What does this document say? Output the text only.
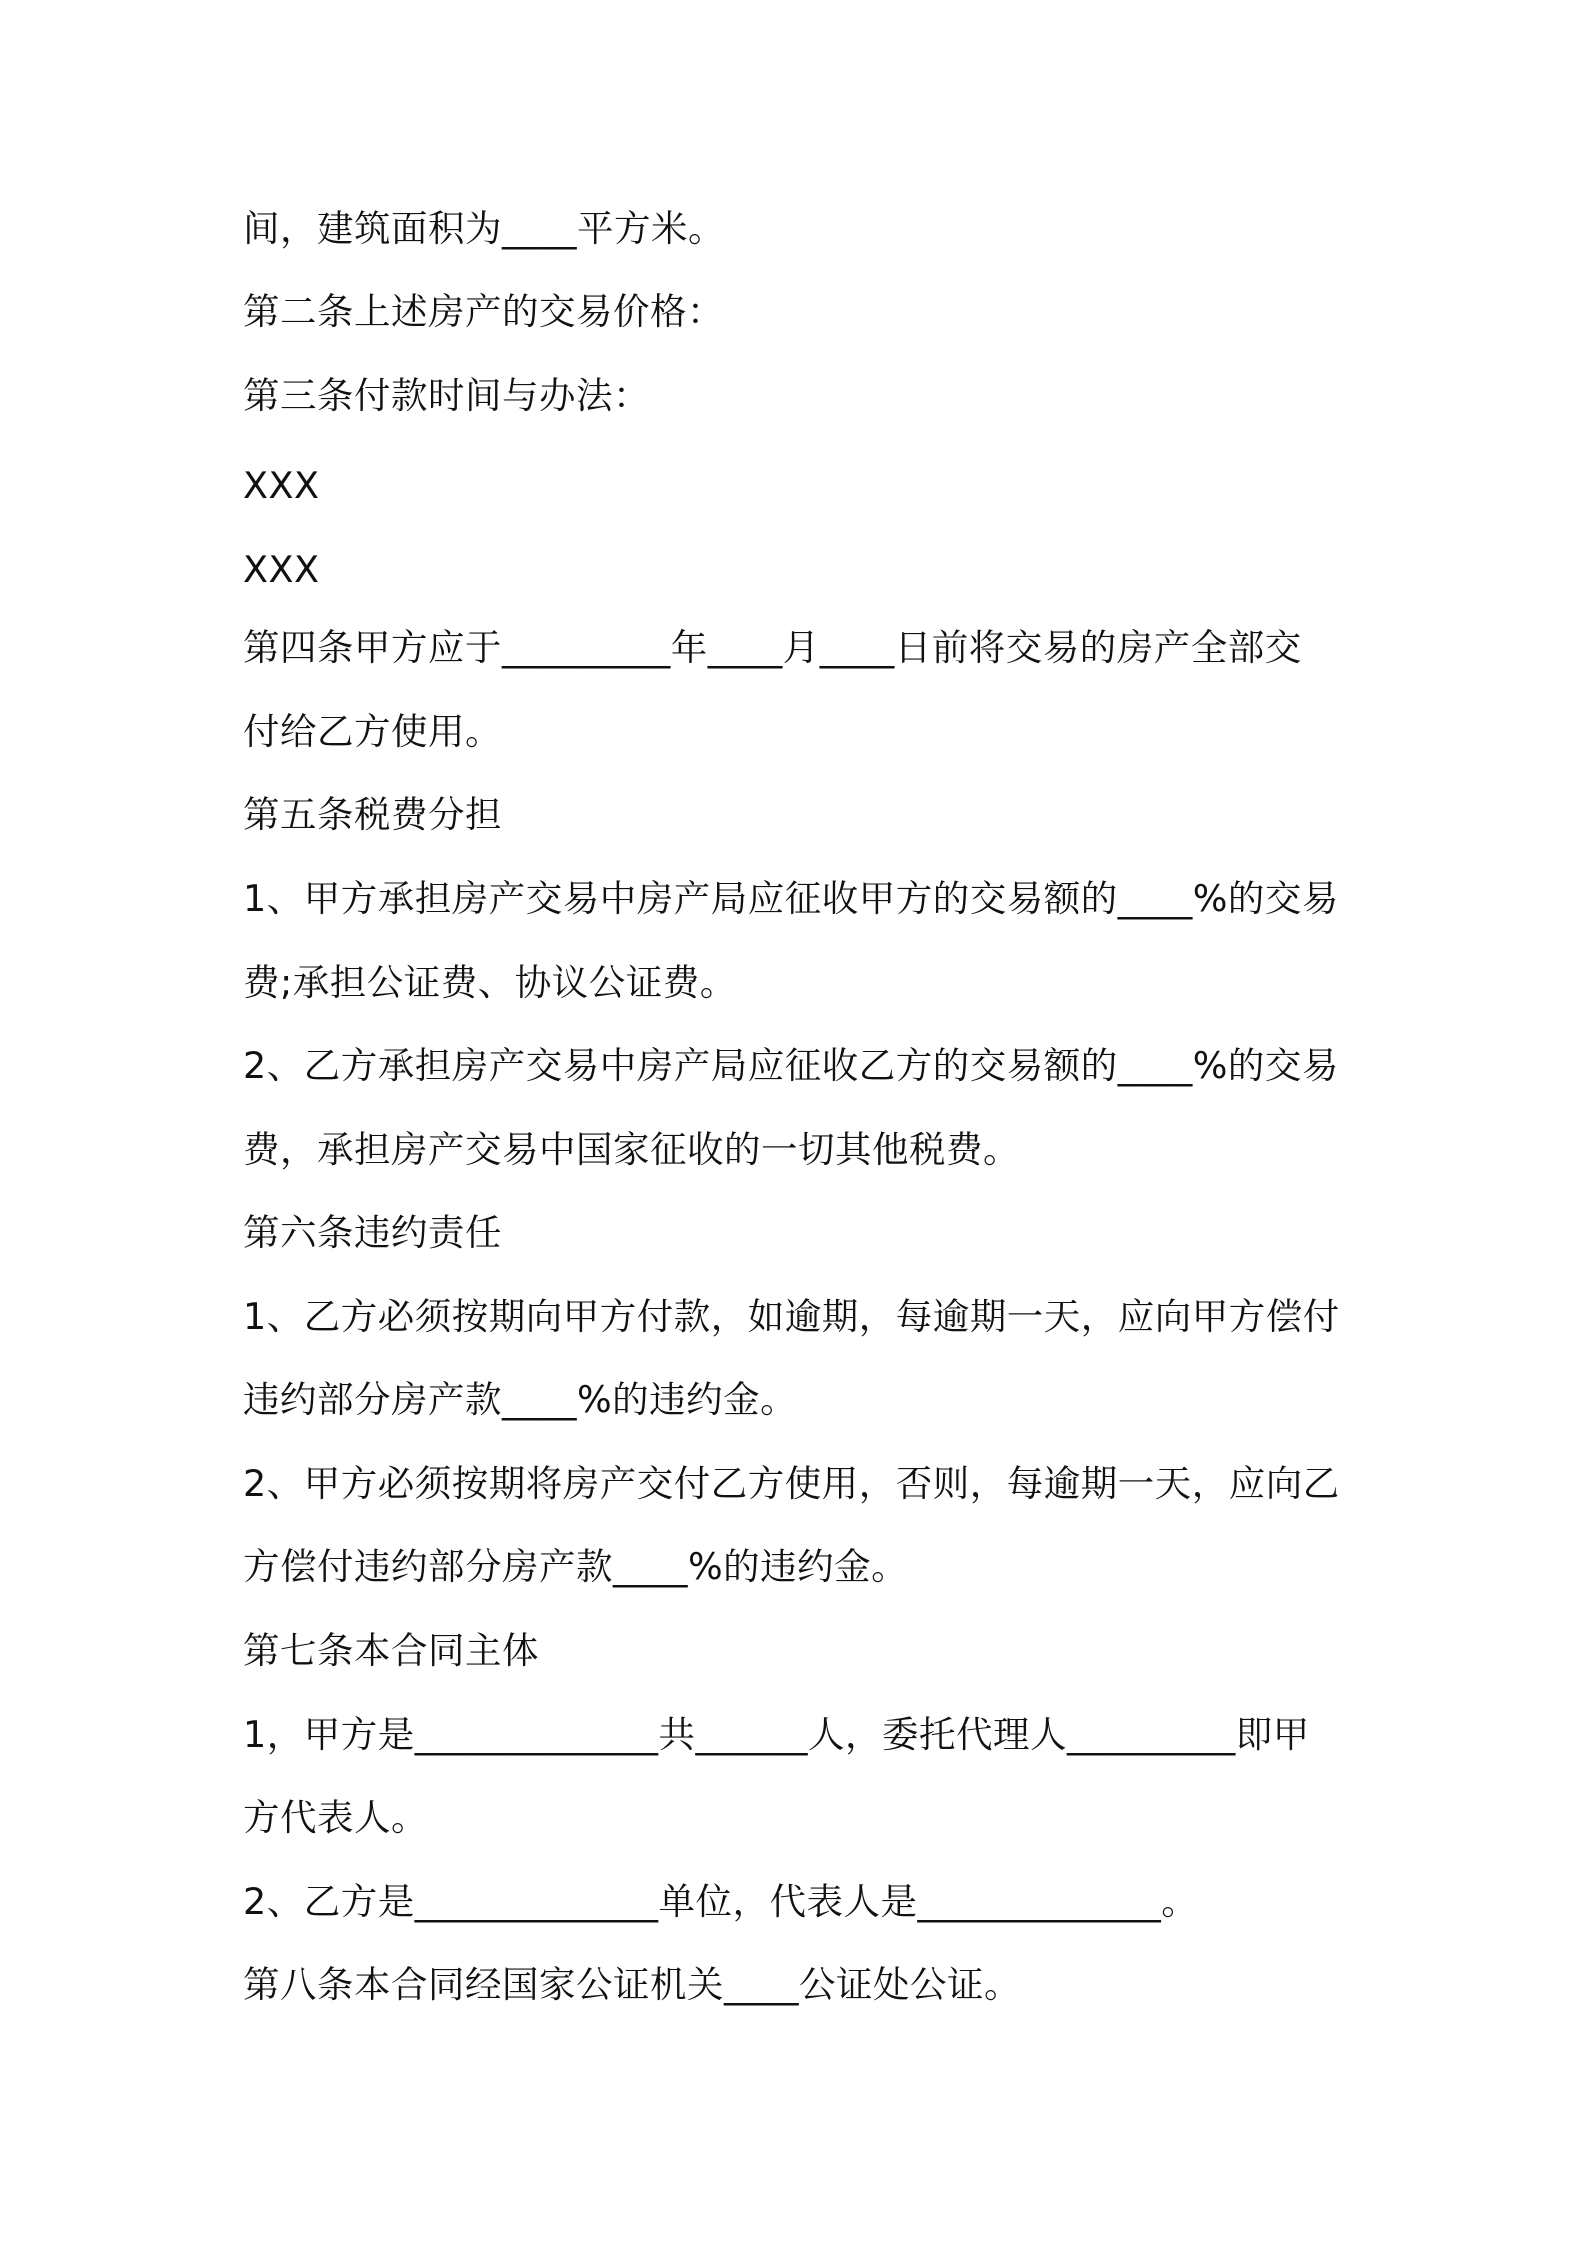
间，建筑面积为____平方米。
第二条上述房产的交易价格：
第三条付款时间与办法：
XXX
XXX
第四条甲方应于_________年____月____日前将交易的房产全部交
付给乙方使用。
第五条税费分担
1、甲方承担房产交易中房产局应征收甲方的交易额的____%的交易
费;承担公证费、协议公证费。
2、乙方承担房产交易中房产局应征收乙方的交易额的____%的交易
费，承担房产交易中国家征收的一切其他税费。
第六条违约责任
1、乙方必须按期向甲方付款，如逾期，每逾期一天，应向甲方偿付
违约部分房产款____%的违约金。
2、甲方必须按期将房产交付乙方使用，否则，每逾期一天，应向乙
方偿付违约部分房产款____%的违约金。
第七条本合同主体
1，甲方是_____________共______人，委托代理人_________即甲
方代表人。
2、乙方是_____________单位，代表人是_____________。
第八条本合同经国家公证机关____公证处公证。
